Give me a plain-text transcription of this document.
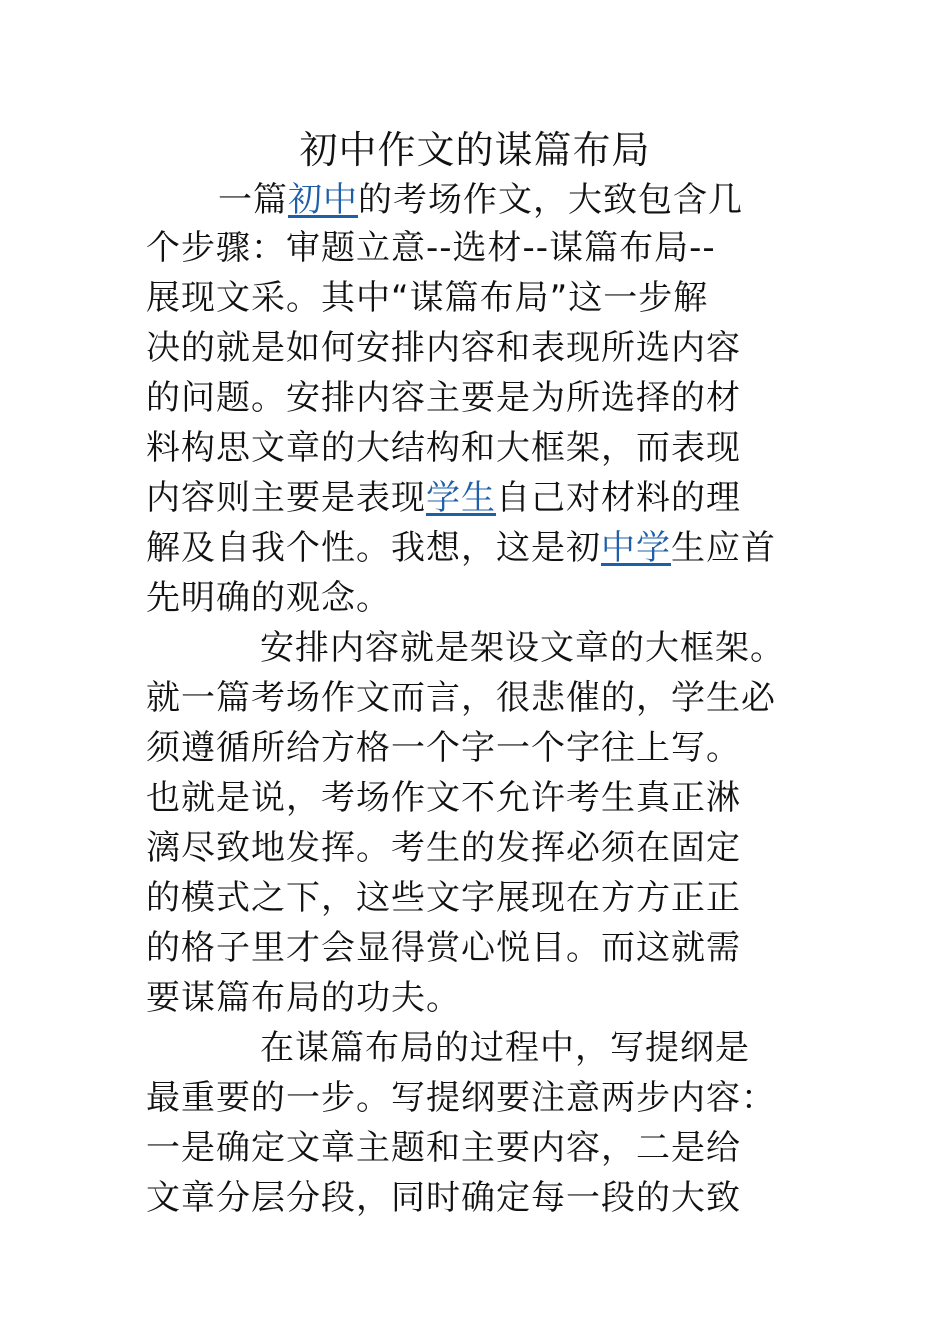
初中作文的谋篇布局
一篇初中的考场作文，大致包含几
个步骤：审题立意--选材--谋篇布局--
展现文采。其中“谋篇布局”这一步解
决的就是如何安排内容和表现所选内容
的问题。安排内容主要是为所选择的材
料构思文章的大结构和大框架，而表现
内容则主要是表现学生自己对材料的理
解及自我个性。我想，这是初中学生应首
先明确的观念。
安排内容就是架设文章的大框架。
就一篇考场作文而言，很悲催的，学生必
须遵循所给方格一个字一个字往上写。
也就是说，考场作文不允许考生真正淋
漓尽致地发挥。考生的发挥必须在固定
的模式之下，这些文字展现在方方正正
的格子里才会显得赏心悦目。而这就需
要谋篇布局的功夫。
在谋篇布局的过程中，写提纲是
最重要的一步。写提纲要注意两步内容：
一是确定文章主题和主要内容，二是给
文章分层分段，同时确定每一段的大致
